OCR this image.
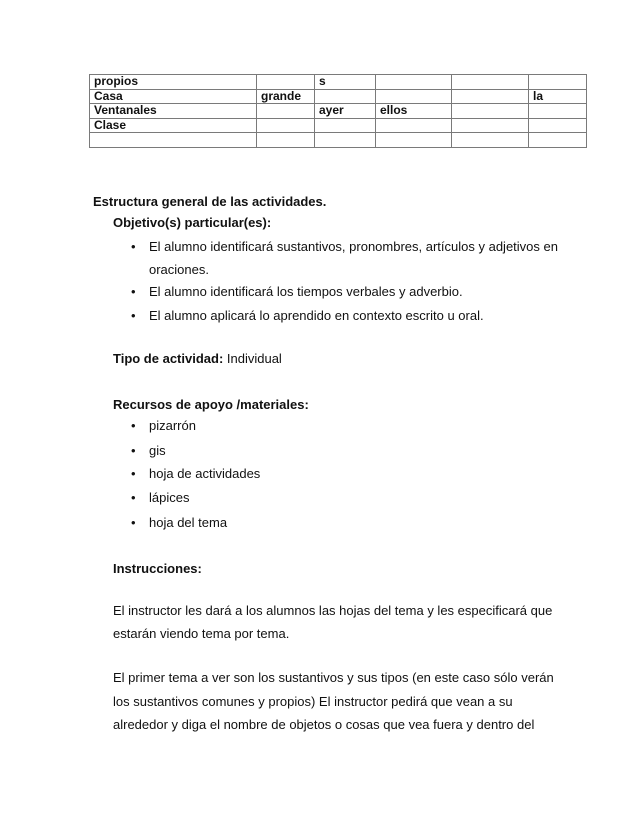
propios		s			
Casa	grande				la
Ventanales		ayer	ellos		
Clase					

Estructura general de las actividades.
Objetivo(s) particular(es):
• El alumno identificará sustantivos, pronombres, artículos y adjetivos en
oraciones.
• El alumno identificará los tiempos verbales y adverbio.
• El alumno aplicará lo aprendido en contexto escrito u oral.
Tipo de actividad: Individual
Recursos de apoyo /materiales:
• pizarrón
• gis
• hoja de actividades
• lápices
• hoja del tema
Instrucciones:
El instructor les dará a los alumnos las hojas del tema y les especificará que
estarán viendo tema por tema.
El primer tema a ver son los sustantivos y sus tipos (en este caso sólo verán
los sustantivos comunes y propios) El instructor pedirá que vean a su
alrededor y diga el nombre de objetos o cosas que vea fuera y dentro del
